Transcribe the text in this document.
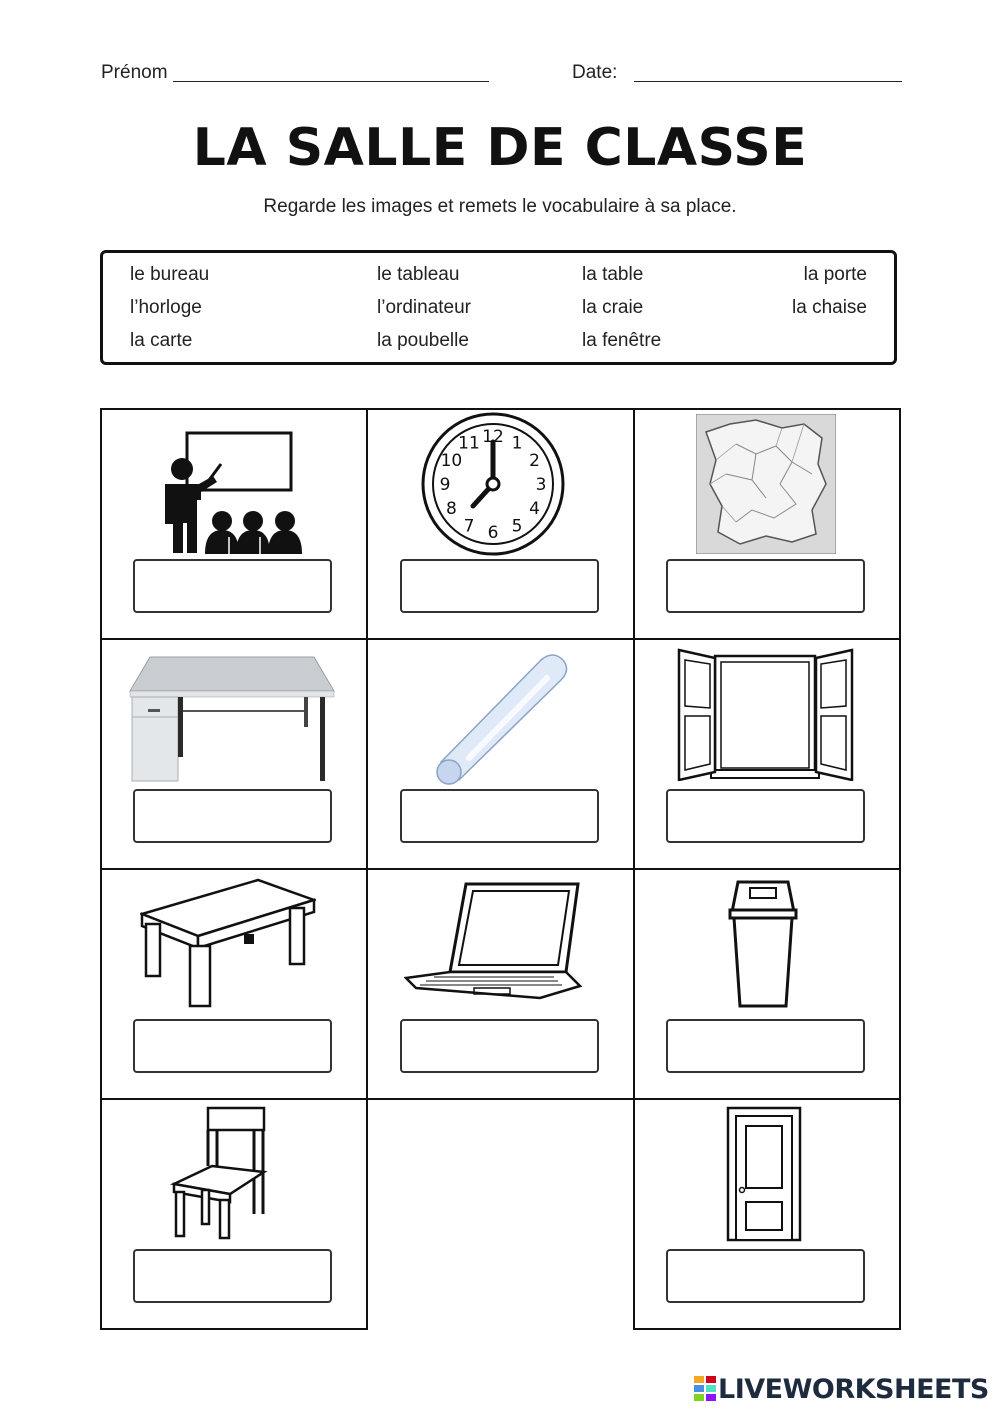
Prénom	Date:
LA SALLE DE CLASSE
Regarde les images et remets le vocabulaire à sa place.
le bureau	le tableau	la table	la porte
l’horloge	l’ordinateur	la craie	la chaise
la carte	la poubelle	la fenêtre
12 1
2
3
4
5
6
7
8
9
10
11
LIVEWORKSHEETS
